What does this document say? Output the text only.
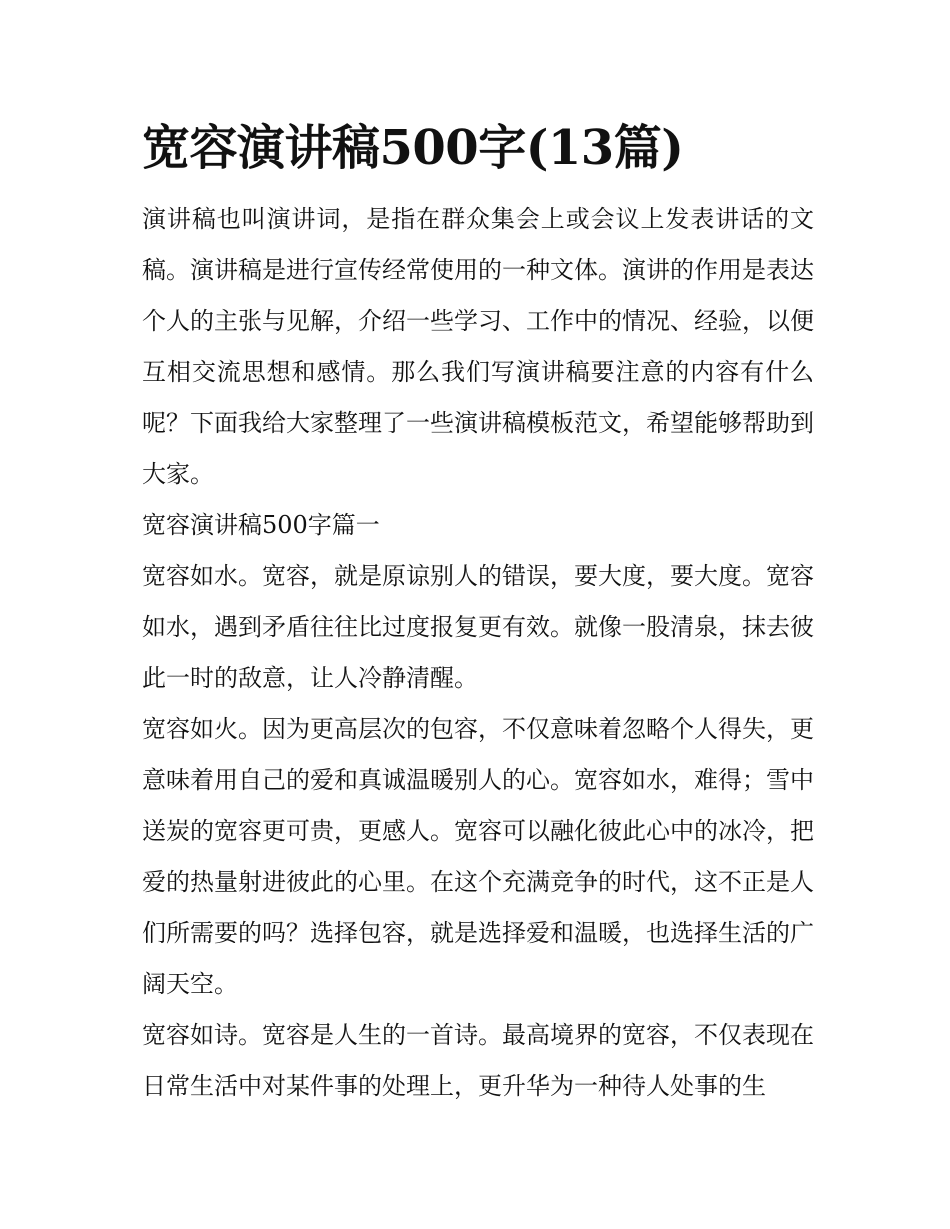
宽容演讲稿500字(13篇)

演讲稿也叫演讲词，是指在群众集会上或会议上发表讲话的文稿。演讲稿是进行宣传经常使用的一种文体。演讲的作用是表达个人的主张与见解，介绍一些学习、工作中的情况、经验，以便互相交流思想和感情。那么我们写演讲稿要注意的内容有什么呢？下面我给大家整理了一些演讲稿模板范文，希望能够帮助到大家。

宽容演讲稿500字篇一

宽容如水。宽容，就是原谅别人的错误，要大度，要大度。宽容如水，遇到矛盾往往比过度报复更有效。就像一股清泉，抹去彼此一时的敌意，让人冷静清醒。

宽容如火。因为更高层次的包容，不仅意味着忽略个人得失，更意味着用自己的爱和真诚温暖别人的心。宽容如水，难得；雪中送炭的宽容更可贵，更感人。宽容可以融化彼此心中的冰冷，把爱的热量射进彼此的心里。在这个充满竞争的时代，这不正是人们所需要的吗？选择包容，就是选择爱和温暖，也选择生活的广阔天空。

宽容如诗。宽容是人生的一首诗。最高境界的宽容，不仅表现在日常生活中对某件事的处理上，更升华为一种待人处事的生
